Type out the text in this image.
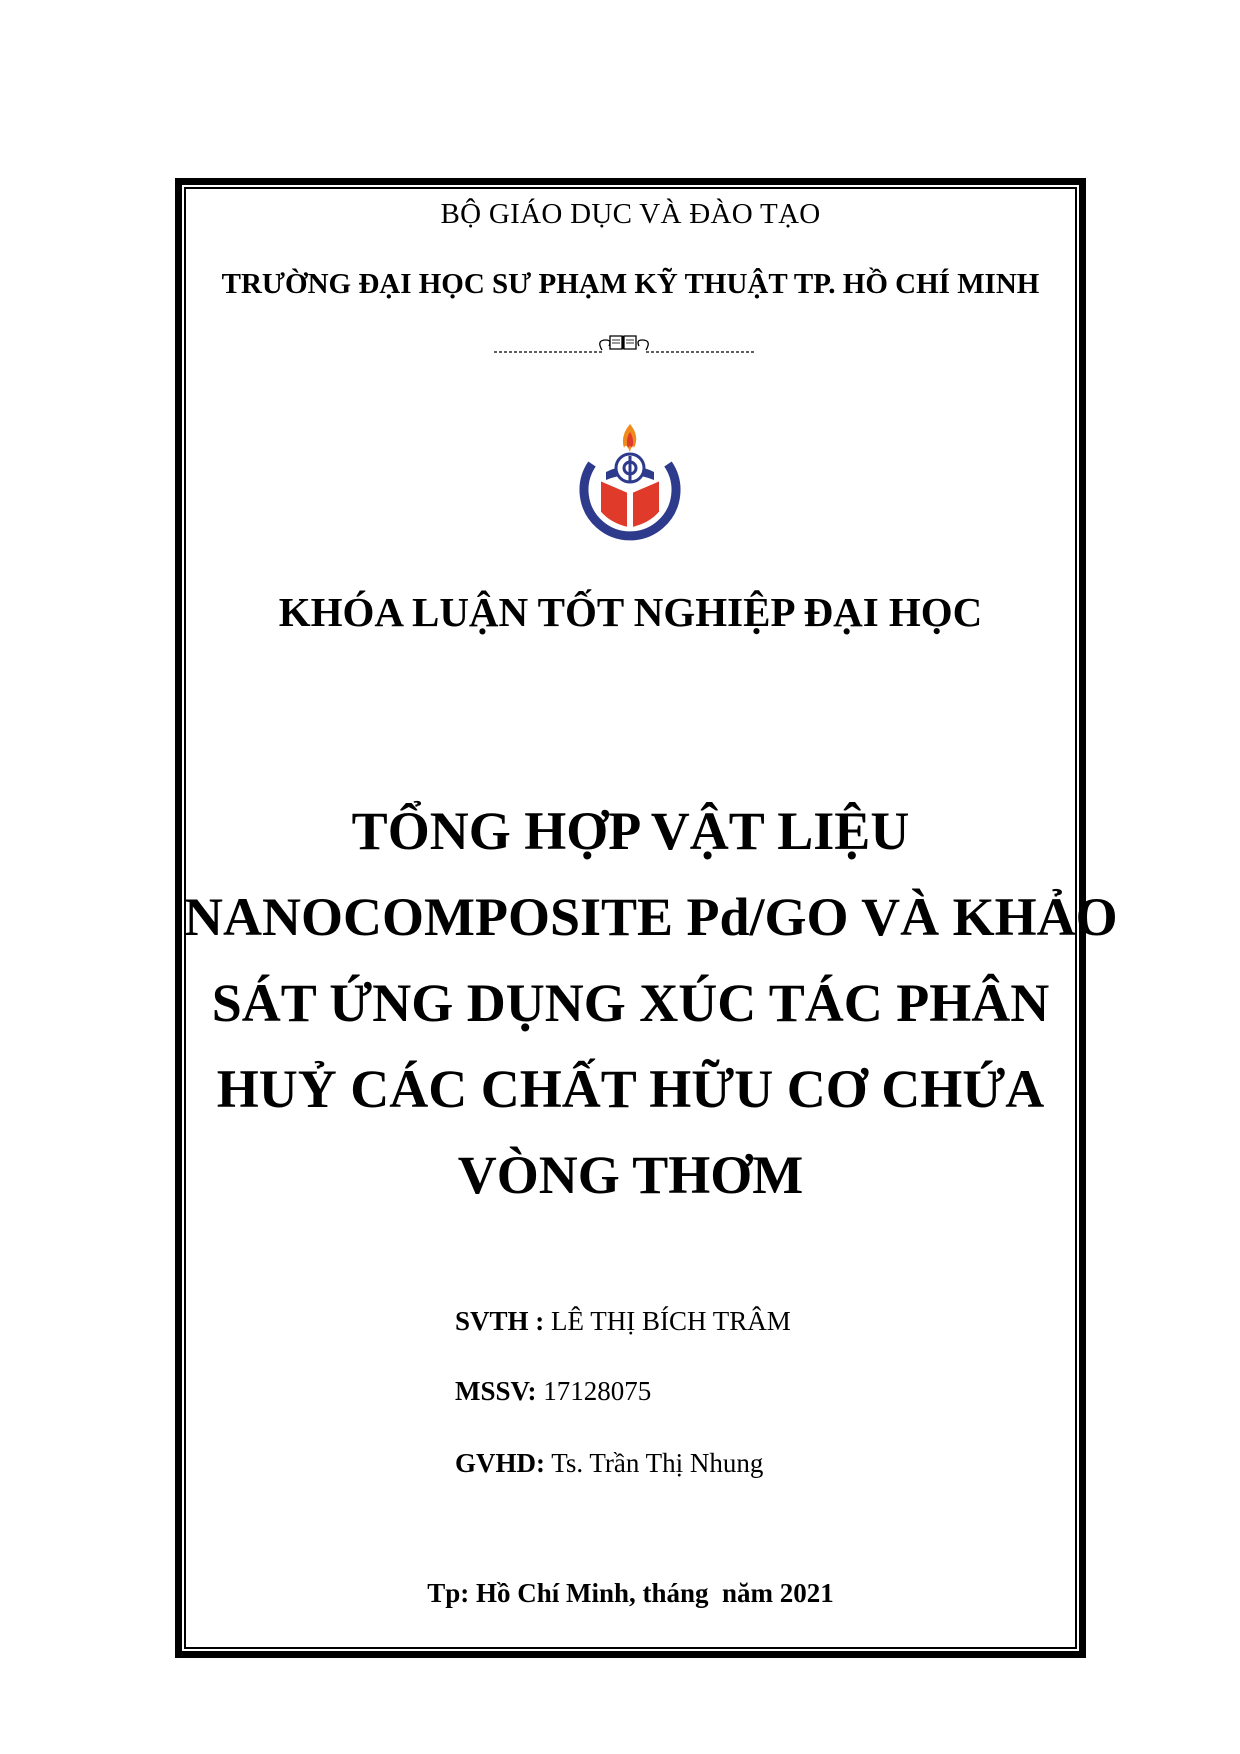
BỘ GIÁO DỤC VÀ ĐÀO TẠO
TRƯỜNG ĐẠI HỌC SƯ PHẠM KỸ THUẬT TP. HỒ CHÍ MINH
KHÓA LUẬN TỐT NGHIỆP ĐẠI HỌC
TỔNG HỢP VẬT LIỆU
NANOCOMPOSITE Pd/GO VÀ KHẢO
SÁT ỨNG DỤNG XÚC TÁC PHÂN
HUỶ CÁC CHẤT HỮU CƠ CHỨA
VÒNG THƠM
SVTH : LÊ THỊ BÍCH TRÂM
MSSV: 17128075
GVHD: Ts. Trần Thị Nhung
Tp: Hồ Chí Minh, tháng  năm 2021
